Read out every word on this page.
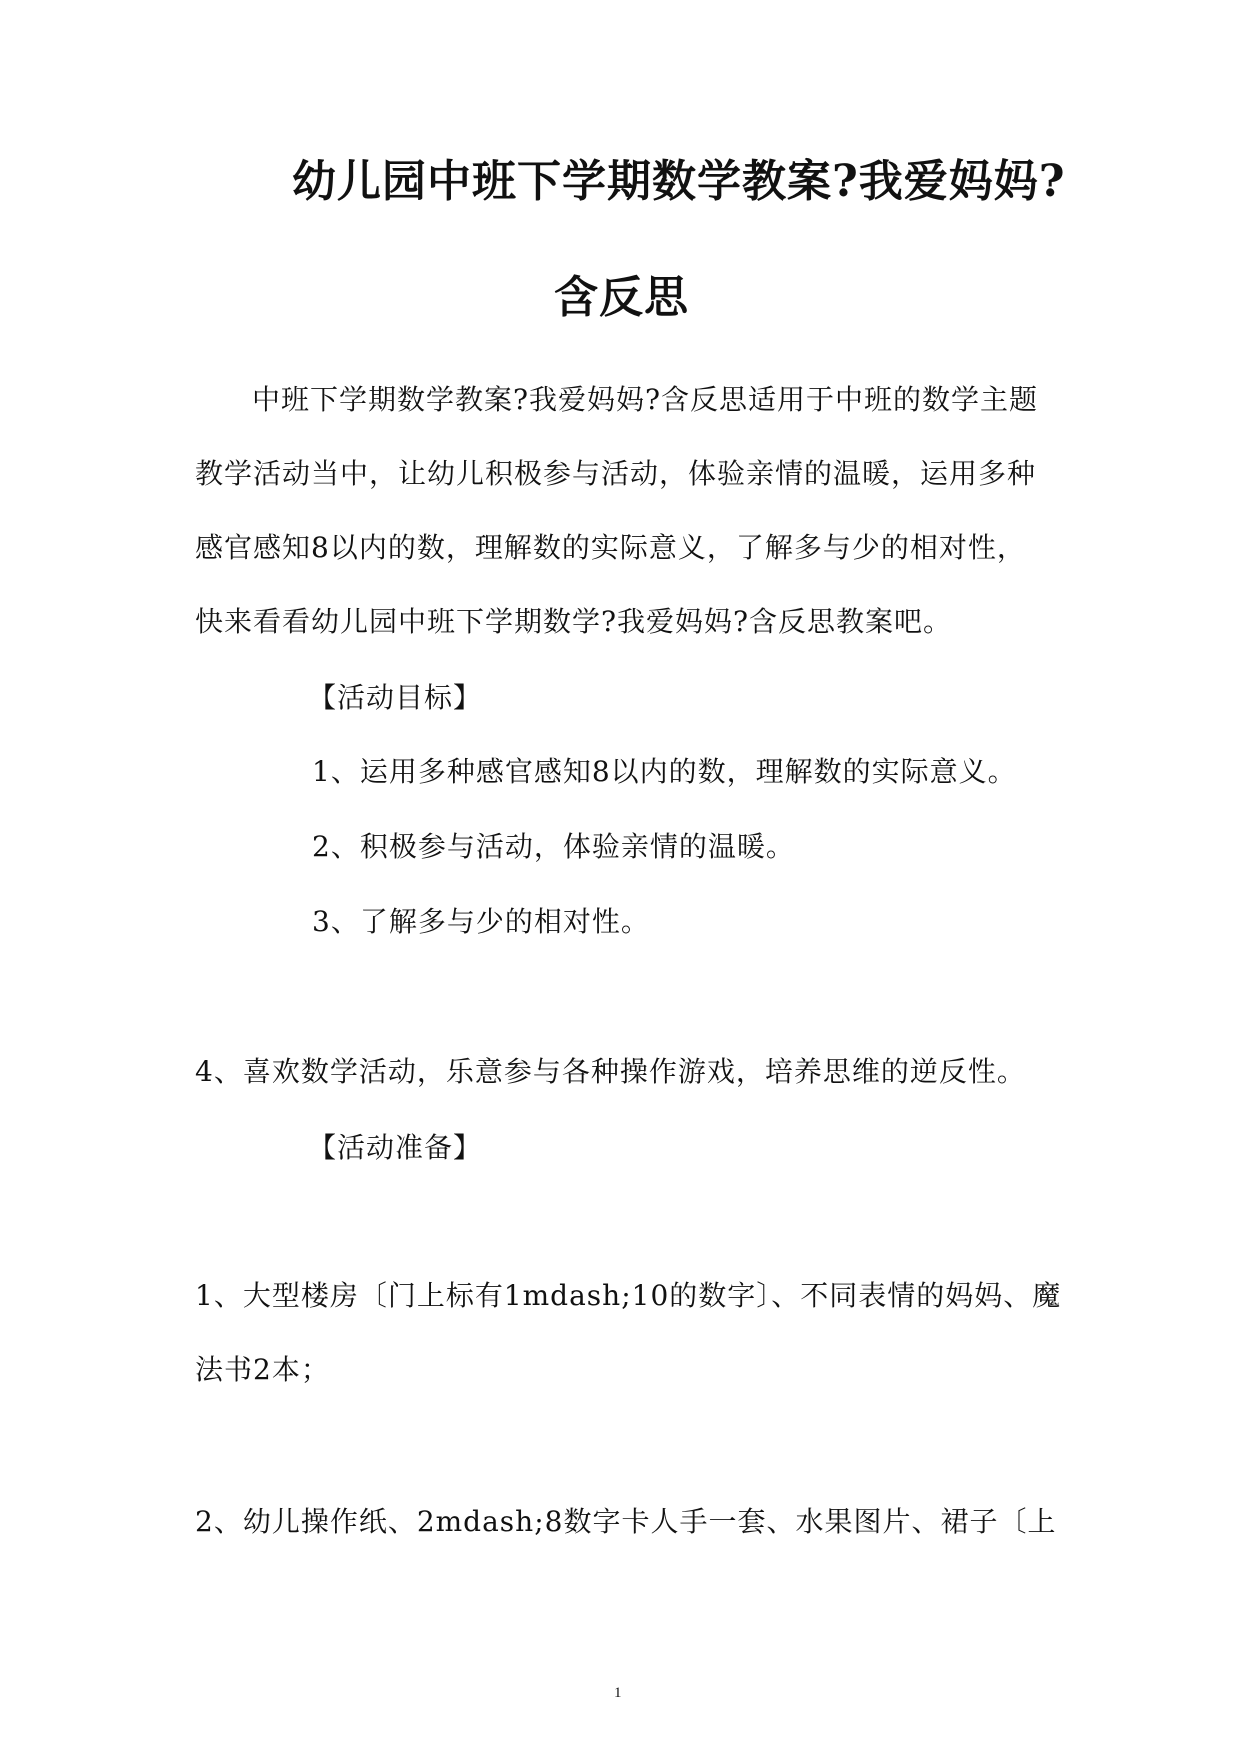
幼儿园中班下学期数学教案?我爱妈妈?
含反思
中班下学期数学教案?我爱妈妈?含反思适用于中班的数学主题
教学活动当中，让幼儿积极参与活动，体验亲情的温暖，运用多种
感官感知8以内的数，理解数的实际意义，了解多与少的相对性，
快来看看幼儿园中班下学期数学?我爱妈妈?含反思教案吧。
【活动目标】
1、运用多种感官感知8以内的数，理解数的实际意义。
2、积极参与活动，体验亲情的温暖。
3、了解多与少的相对性。
4、喜欢数学活动，乐意参与各种操作游戏，培养思维的逆反性。
【活动准备】
1、大型楼房〔门上标有1mdash;10的数字〕、不同表情的妈妈、魔
法书2本；
2、幼儿操作纸、2mdash;8数字卡人手一套、水果图片、裙子〔上
1
